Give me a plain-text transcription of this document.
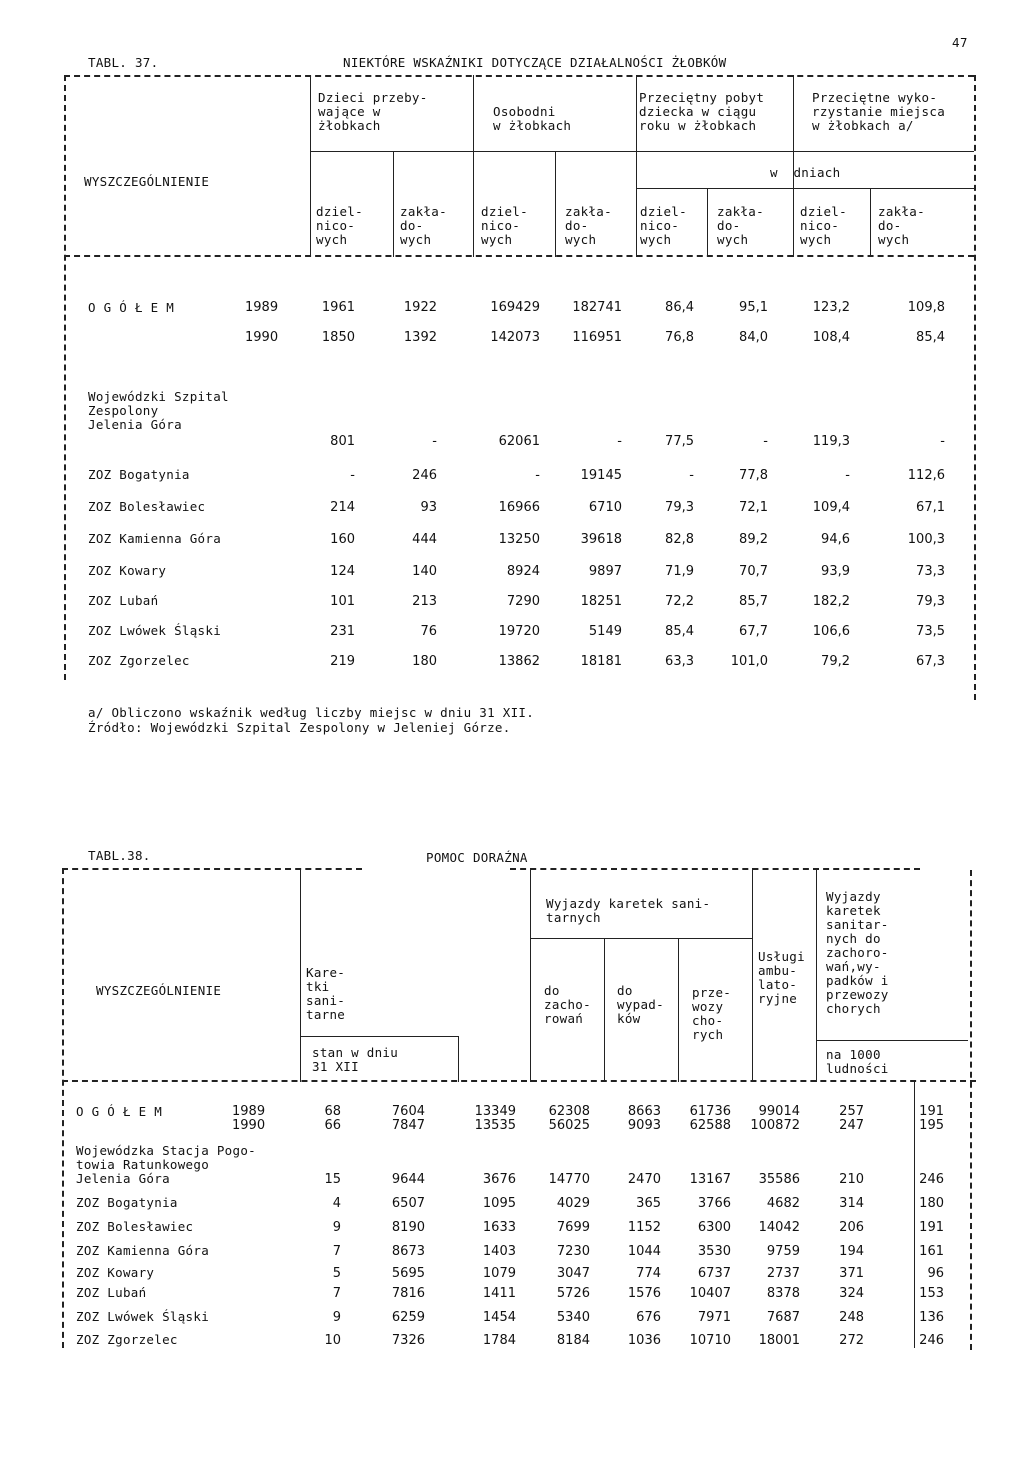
47
TABL. 37.	NIEKTÓRE WSKAŹNIKI DOTYCZĄCE DZIAŁALNOŚCI ŻŁOBKÓW
WYSZCZEGÓLNIENIE
Dzieci przeby-
wające w
żłobkach
Osobodni
w żłobkach
Przeciętny pobyt
dziecka w ciągu
roku w żłobkach
Przeciętne wyko-
rzystanie miejsca
w żłobkach a/
w  dniach
dziel-
nico-
wych
zakła-
do-
wych
dziel-
nico-
wych
zakła-
do-
wych
dziel-
nico-
wych
zakła-
do-
wych
dziel-
nico-
wych
zakła-
do-
wych
O G Ó Ł E M	1989	1961	1922	169429 182741	86,4	95,1	123,2	109,8
1990	1850	1392	142073 116951	76,8	84,0	108,4	85,4
Wojewódzki Szpital
Zespolony
Jelenia Góra
801	-	62061	-	77,5	-	119,3	-
ZOZ Bogatynia	-	246	-	19145	-	77,8	-	112,6
ZOZ Bolesławiec	214	93	16966	6710	79,3	72,1	109,4	67,1
ZOZ Kamienna Góra	160	444	13250	39618	82,8	89,2	94,6	100,3
ZOZ Kowary	124	140	8924	9897	71,9	70,7	93,9	73,3
ZOZ Lubań	101	213	7290	18251	72,2	85,7	182,2	79,3
ZOZ Lwówek Śląski	231	76	19720	5149	85,4	67,7	106,6	73,5
ZOZ Zgorzelec	219	180	13862	18181	63,3	101,0	79,2	67,3
a/ Obliczono wskaźnik według liczby miejsc w dniu 31 XII.
Źródło: Wojewódzki Szpital Zespolony w Jeleniej Górze.
TABL.38.	POMOC DORAŹNA
WYSZCZEGÓLNIENIE
Kare-
tki
sani-
tarne
stan w dniu
31 XII
Wyjazdy karetek sani-
tarnych
do
zacho-
rowań
do
wypad-
ków
prze-
wozy
cho-
rych
Usługi
ambu-
lato-
ryjne
Wyjazdy
karetek
sanitar-
nych do
zachoro-
wań,wy-
padków i
przewozy
chorych
na 1000
ludności
O G Ó Ł E M	1989	68	7604	13349	62308	8663 61736 99014	257	191
1990	66	7847	13535	56025	9093 62588 100872	247	195
Wojewódzka Stacja Pogo-
towia Ratunkowego
Jelenia Góra	15	9644	3676	14770	2470 13167 35586	210	246
ZOZ Bogatynia	4	6507	1095	4029	365	3766	4682	314	180
ZOZ Bolesławiec	9	8190	1633	7699	1152	6300 14042	206	191
ZOZ Kamienna Góra	7	8673	1403	7230	1044	3530	9759	194	161
ZOZ Kowary	5	5695	1079	3047	774	6737	2737	371	96
ZOZ Lubań	7	7816	1411	5726	1576 10407	8378	324	153
ZOZ Lwówek Śląski	9	6259	1454	5340	676	7971	7687	248	136
ZOZ Zgorzelec	10	7326	1784	8184	1036 10710 18001	272	246
